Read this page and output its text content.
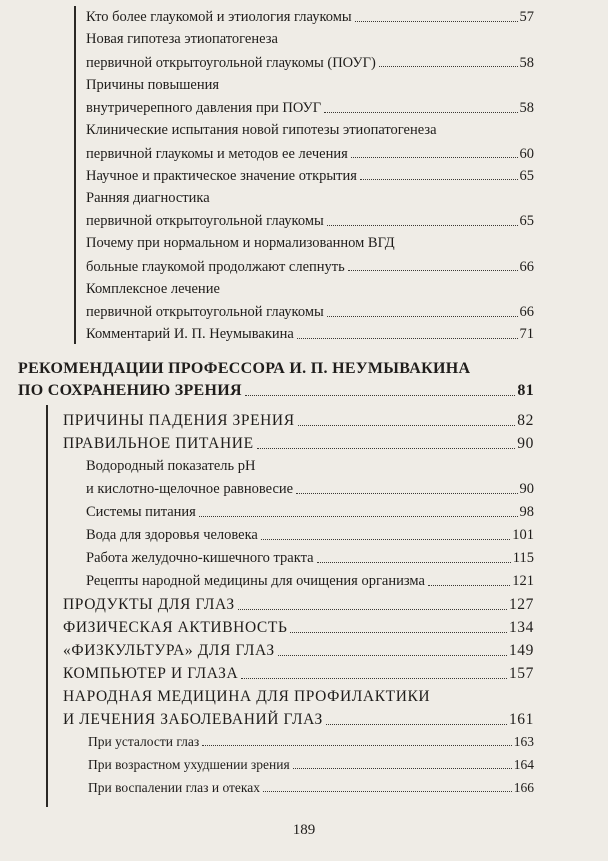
Кто более глаукомой и этиология глаукомы	57
Новая гипотеза этиопатогенеза
первичной открытоугольной глаукомы (ПОУГ)	58
Причины повышения
внутричерепного давления при ПОУГ	58
Клинические испытания новой гипотезы этиопатогенеза
первичной глаукомы и методов ее лечения	60
Научное и практическое значение открытия	65
Ранняя диагностика
первичной открытоугольной глаукомы	65
Почему при нормальном и нормализованном ВГД
больные глаукомой продолжают слепнуть	66
Комплексное лечение
первичной открытоугольной глаукомы	66
Комментарий И. П. Неумывакина	71
РЕКОМЕНДАЦИИ ПРОФЕССОРА И. П. НЕУМЫВАКИНА
ПО СОХРАНЕНИЮ ЗРЕНИЯ	81
ПРИЧИНЫ ПАДЕНИЯ ЗРЕНИЯ	82
ПРАВИЛЬНОЕ ПИТАНИЕ	90
Водородный показатель рН
и кислотно-щелочное равновесие	90
Системы питания	98
Вода для здоровья человека	101
Работа желудочно-кишечного тракта	115
Рецепты народной медицины для очищения организма	121
ПРОДУКТЫ ДЛЯ ГЛАЗ	127
ФИЗИЧЕСКАЯ АКТИВНОСТЬ	134
«ФИЗКУЛЬТУРА» ДЛЯ ГЛАЗ	149
КОМПЬЮТЕР И ГЛАЗА	157
НАРОДНАЯ МЕДИЦИНА ДЛЯ ПРОФИЛАКТИКИ
И ЛЕЧЕНИЯ ЗАБОЛЕВАНИЙ ГЛАЗ	161
При усталости глаз	163
При возрастном ухудшении зрения	164
При воспалении глаз и отеках	166
189
